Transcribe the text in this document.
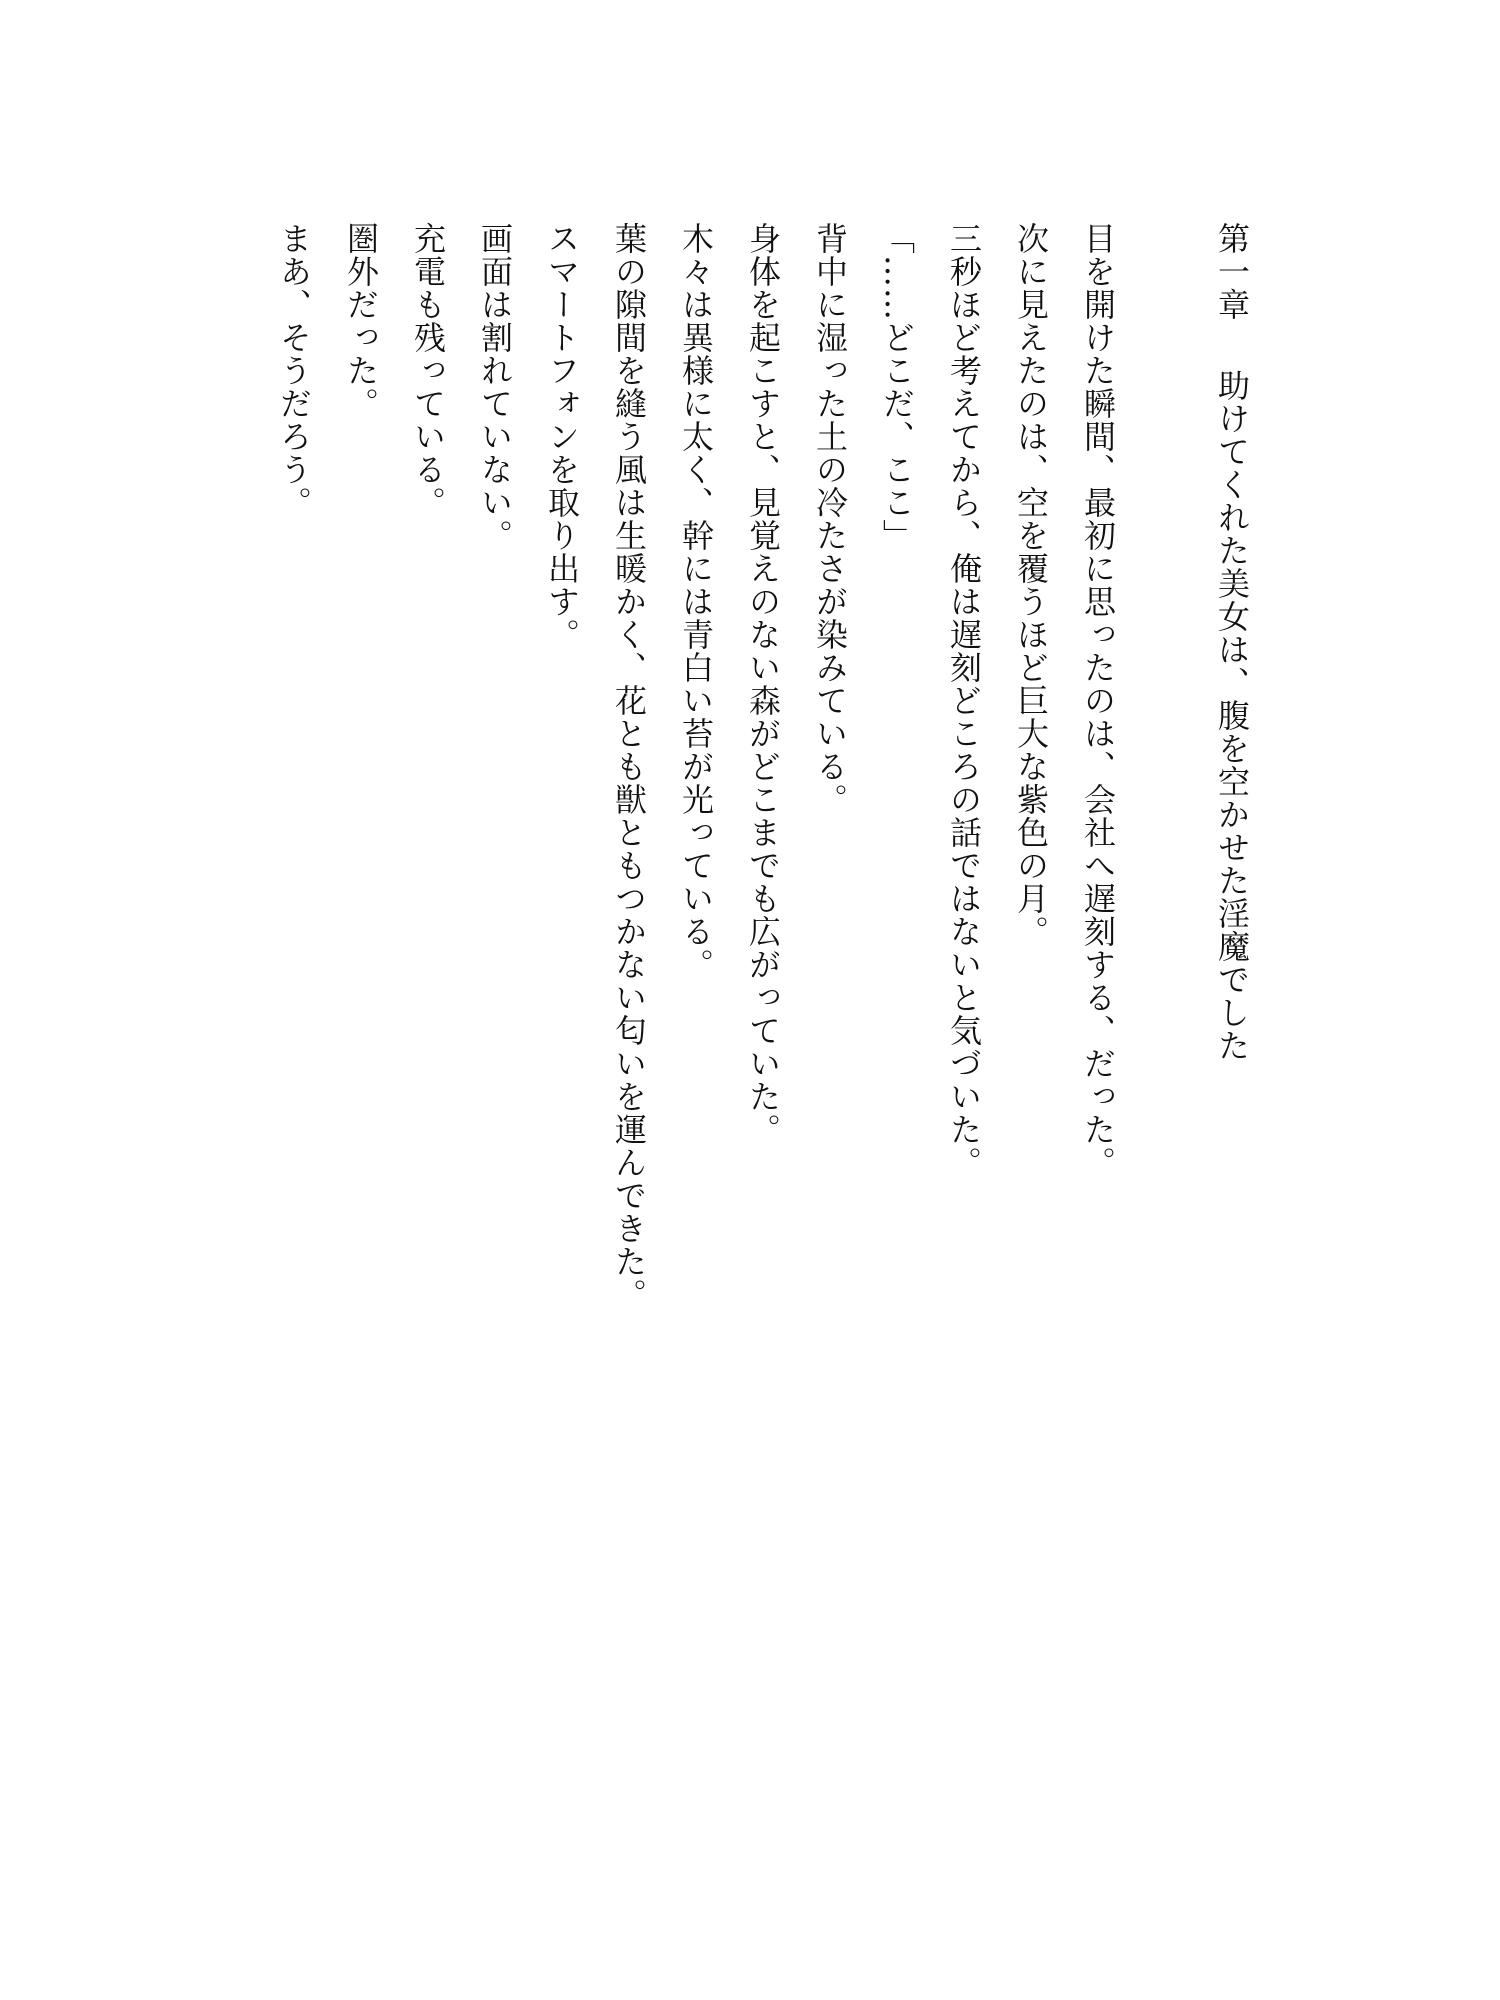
第一章助けてくれた美女は、腹を空かせた淫魔でした

目を開けた瞬間、最初に思ったのは、会社へ遅刻する、だった。

次に見えたのは、空を覆うほど巨大な紫色の月。

三秒ほど考えてから、俺は遅刻どころの話ではないと気づいた。

「……どこだ、ここ」

背中に湿った土の冷たさが染みている。

身体を起こすと、見覚えのない森がどこまでも広がっていた。

木々は異様に太く、幹には青白い苔が光っている。

葉の隙間を縫う風は生暖かく、花とも獣ともつかない匂いを運んできた。

スマートフォンを取り出す。

画面は割れていない。

充電も残っている。

圏外だった。

まあ、そうだろう。
